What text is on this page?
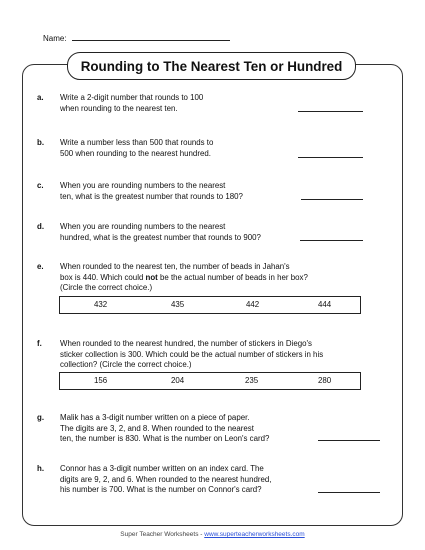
Name:
Rounding to The Nearest Ten or Hundred
a. Write a 2-digit number that rounds to 100
when rounding to the nearest ten.
b. Write a number less than 500 that rounds to
500 when rounding to the nearest hundred.
c. When you are rounding numbers to the nearest
ten, what is the greatest number that rounds to 180?
d. When you are rounding numbers to the nearest
hundred, what is the greatest number that rounds to 900?
e. When rounded to the nearest ten, the number of beads in Jahan's
box is 440. Which could not be the actual number of beads in her box?
(Circle the correct choice.)
432	435	442	444
f. When rounded to the nearest hundred, the number of stickers in Diego's
sticker collection is 300. Which could be the actual number of stickers in his
collection? (Circle the correct choice.)
156	204	235	280
g. Malik has a 3-digit number written on a piece of paper.
The digits are 3, 2, and 8. When rounded to the nearest
ten, the number is 830. What is the number on Leon's card?
h. Connor has a 3-digit number written on an index card. The
digits are 9, 2, and 6. When rounded to the nearest hundred,
his number is 700. What is the number on Connor's card?
Super Teacher Worksheets - www.superteacherworksheets.com
